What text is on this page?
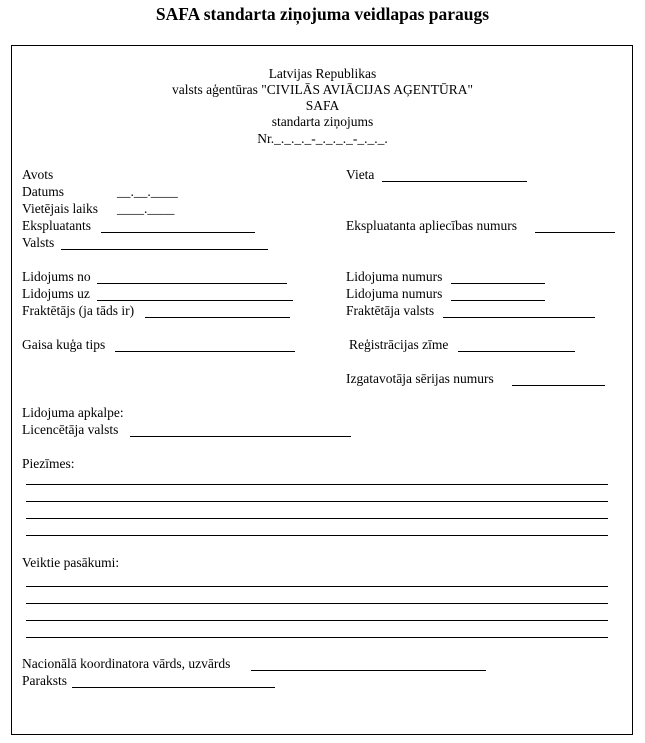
SAFA standarta ziņojuma veidlapas paraugs
Latvijas Republikas
valsts aģentūras "CIVILĀS AVIĀCIJAS AĢENTŪRA"
SAFA
standarta ziņojums
Nr._._._._-_._._._-_._._.
Avots	Vieta
Datums	__.__.____
Vietējais laiks ____.____
Ekspluatants	Ekspluatanta apliecības numurs
Valsts
Lidojums no	Lidojuma numurs
Lidojums uz	Lidojuma numurs
Fraktētājs (ja tāds ir)	Fraktētāja valsts
Gaisa kuģa tips	Reģistrācijas zīme
Izgatavotāja sērijas numurs
Lidojuma apkalpe:
Licencētāja valsts
Piezīmes:
Veiktie pasākumi:
Nacionālā koordinatora vārds, uzvārds
Paraksts
